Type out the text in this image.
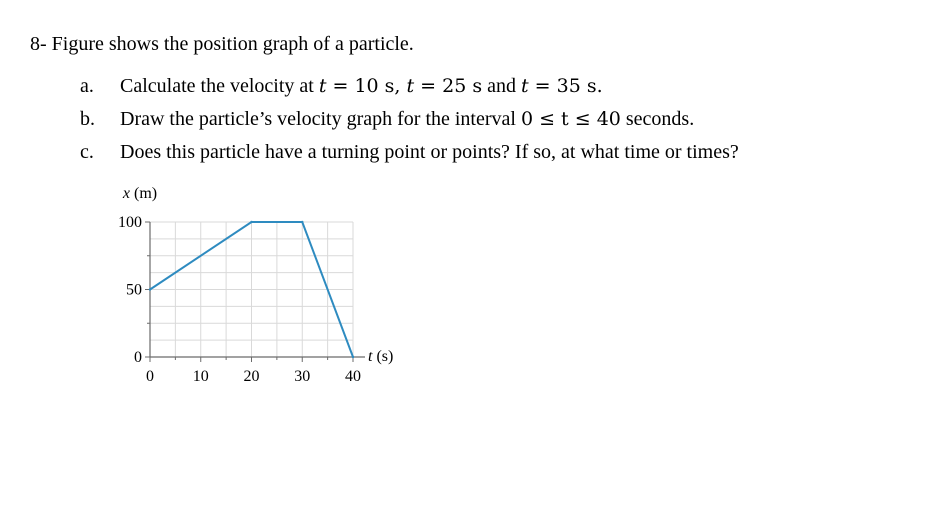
8- Figure shows the position graph of a particle.
a. Calculate the velocity at t = 10 s, t = 25 s and t = 35 s.
b. Draw the particle’s velocity graph for the interval 0 ≤ t ≤ 40 seconds.
c. Does this particle have a turning point or points? If so, at what time or times?
0
50
100
0 10 20 30 40
x (m)
t (s)
